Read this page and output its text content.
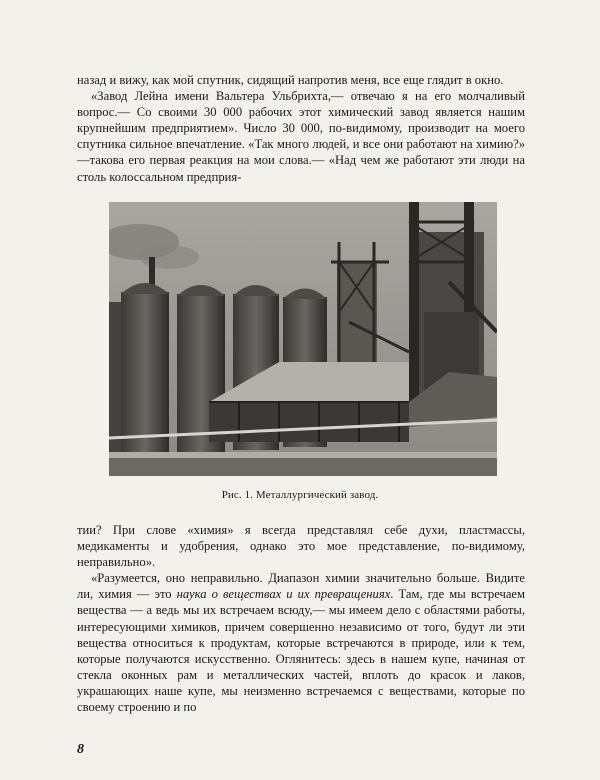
назад и вижу, как мой спутник, сидящий напротив меня, все еще глядит в окно.

«Завод Лейна имени Вальтера Ульбрихта,— отвечаю я на его молчаливый вопрос.— Со своими 30 000 рабочих этот химический завод является нашим крупнейшим предприятием». Число 30 000, по-видимому, производит на моего спутника сильное впечатление. «Так много людей, и все они работают на химию?» —такова его первая реакция на мои слова.— «Над чем же работают эти люди на столь колоссальном предприя-

Рис. 1. Металлургический завод.

тии? При слове «химия» я всегда представлял себе духи, пластмассы, медикаменты и удобрения, однако это мое представление, по-видимому, неправильно».

«Разумеется, оно неправильно. Диапазон химии значительно больше. Видите ли, химия — это наука о веществах и их превращениях. Там, где мы встречаем вещества — а ведь мы их встречаем всюду,— мы имеем дело с областями работы, интересующими химиков, причем совершенно независимо от того, будут ли эти вещества относиться к продуктам, которые встречаются в природе, или к тем, которые получаются искусственно. Оглянитесь: здесь в нашем купе, начиная от стекла оконных рам и металлических частей, вплоть до красок и лаков, украшающих наше купе, мы неизменно встречаемся с веществами, которые по своему строению и по

8
